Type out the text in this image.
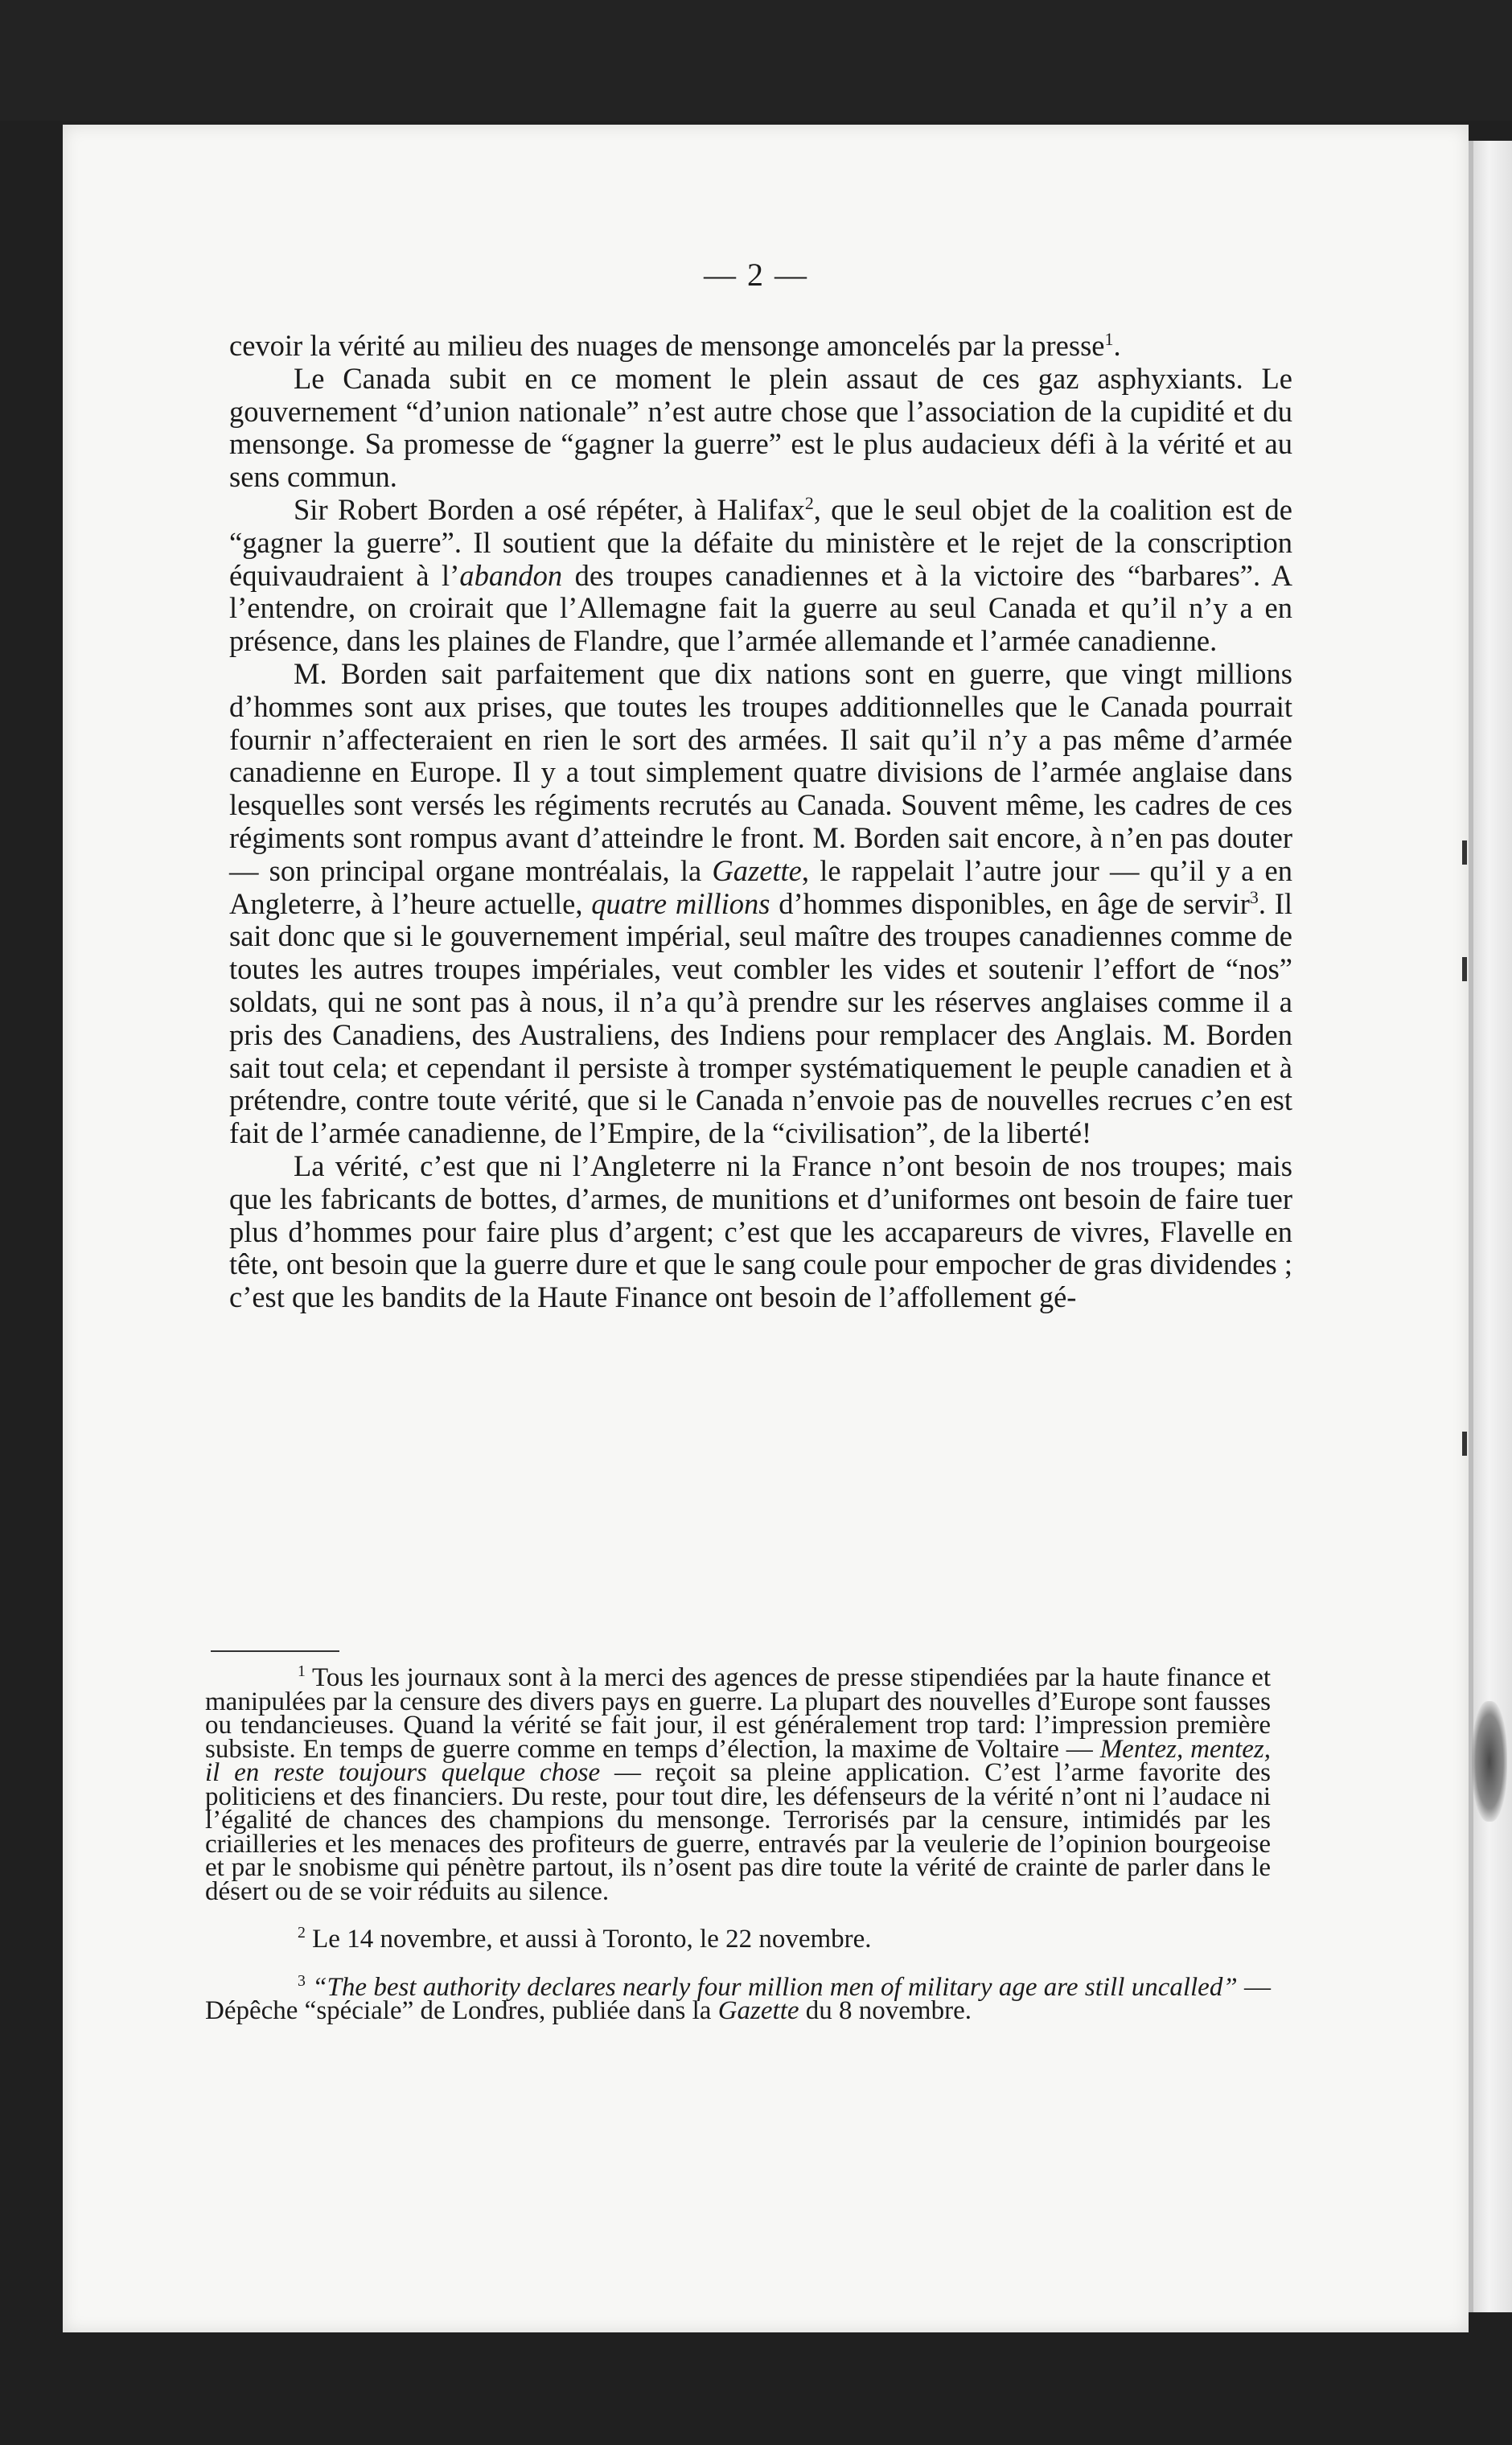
— 2 —

cevoir la vérité au milieu des nuages de mensonge amoncelés par la presse$^1$.

Le Canada subit en ce moment le plein assaut de ces gaz asphyxiants. Le gouvernement “d’union nationale” n’est autre chose que l’association de la cupidité et du mensonge. Sa promesse de “gagner la guerre” est le plus audacieux défi à la vérité et au sens commun.

Sir Robert Borden a osé répéter, à Halifax$^2$, que le seul objet de la coalition est de “gagner la guerre”. Il soutient que la défaite du ministère et le rejet de la conscription équivaudraient à l’abandon des troupes canadiennes et à la victoire des “barbares”. A l’entendre, on croirait que l’Allemagne fait la guerre au seul Canada et qu’il n’y a en présence, dans les plaines de Flandre, que l’armée allemande et l’armée canadienne.

M. Borden sait parfaitement que dix nations sont en guerre, que vingt millions d’hommes sont aux prises, que toutes les troupes additionnelles que le Canada pourrait fournir n’affecteraient en rien le sort des armées. Il sait qu’il n’y a pas même d’armée canadienne en Europe. Il y a tout simplement quatre divisions de l’armée anglaise dans lesquelles sont versés les régiments recrutés au Canada. Souvent même, les cadres de ces régiments sont rompus avant d’atteindre le front. M. Borden sait encore, à n’en pas douter — son principal organe montréalais, la Gazette, le rappelait l’autre jour — qu’il y a en Angleterre, à l’heure actuelle, quatre millions d’hommes disponibles, en âge de servir$^3$. Il sait donc que si le gouvernement impérial, seul maître des troupes canadiennes comme de toutes les autres troupes impériales, veut combler les vides et soutenir l’effort de “nos” soldats, qui ne sont pas à nous, il n’a qu’à prendre sur les réserves anglaises comme il a pris des Canadiens, des Australiens, des Indiens pour remplacer des Anglais. M. Borden sait tout cela; et cependant il persiste à tromper systématiquement le peuple canadien et à prétendre, contre toute vérité, que si le Canada n’envoie pas de nouvelles recrues c’en est fait de l’armée canadienne, de l’Empire, de la “civilisation”, de la liberté!

La vérité, c’est que ni l’Angleterre ni la France n’ont besoin de nos troupes; mais que les fabricants de bottes, d’armes, de munitions et d’uniformes ont besoin de faire tuer plus d’hommes pour faire plus d’argent; c’est que les accapareurs de vivres, Flavelle en tête, ont besoin que la guerre dure et que le sang coule pour empocher de gras dividendes ; c’est que les bandits de la Haute Finance ont besoin de l’affollement gé-

$^1$ Tous les journaux sont à la merci des agences de presse stipendiées par la haute finance et manipulées par la censure des divers pays en guerre. La plupart des nouvelles d’Europe sont fausses ou tendancieuses. Quand la vérité se fait jour, il est généralement trop tard: l’impression première subsiste. En temps de guerre comme en temps d’élection, la maxime de Voltaire — Mentez, mentez, il en reste toujours quelque chose — reçoit sa pleine application. C’est l’arme favorite des politiciens et des financiers. Du reste, pour tout dire, les défenseurs de la vérité n’ont ni l’audace ni l’égalité de chances des champions du mensonge. Terrorisés par la censure, intimidés par les criailleries et les menaces des profiteurs de guerre, entravés par la veulerie de l’opinion bourgeoise et par le snobisme qui pénètre partout, ils n’osent pas dire toute la vérité de crainte de parler dans le désert ou de se voir réduits au silence.

$^2$ Le 14 novembre, et aussi à Toronto, le 22 novembre.

$^3$ “The best authority declares nearly four million men of military age are still uncalled” — Dépêche “spéciale” de Londres, publiée dans la Gazette du 8 novembre.
